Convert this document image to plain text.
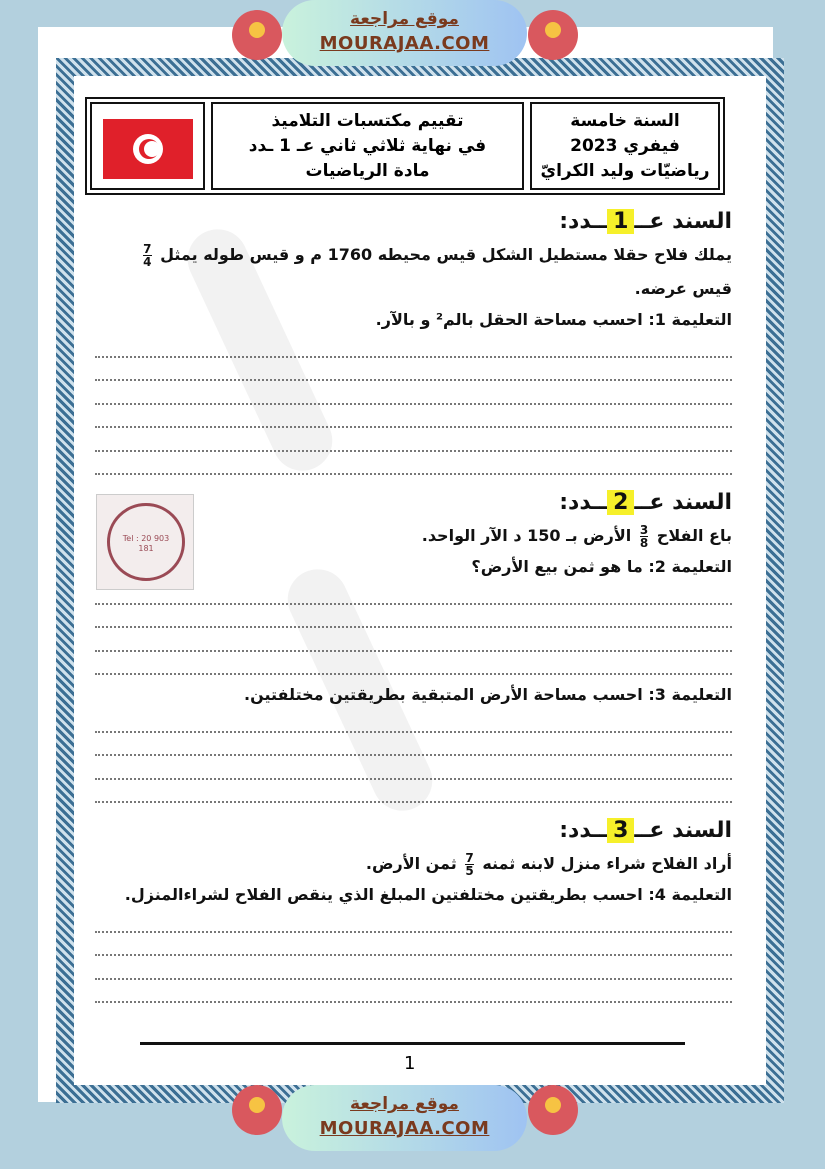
موقع مراجعة
MOURAJAA.COM
تقييم مكتسبات التلاميذ
في نهاية ثلاثي ثاني عـ 1 ـدد
مادة الرياضيات
السنة خامسة
فيفري 2023
رياضيّات وليد الكرايّ
Tel : 20 903 181
السند عــ1ــدد:
يملك فلاح حقلا مستطيل الشكل قيس محيطه 1760 م و قيس طوله يمثل
$\frac{7}{4}$
قيس عرضه.
التعليمة 1: احسب مساحة الحقل بالم² و بالآر.
السند عــ2ــدد:
باع الفلاح
$\frac{3}{8}$
الأرض بـ 150 د الآر الواحد.
التعليمة 2: ما هو ثمن بيع الأرض؟
التعليمة 3: احسب مساحة الأرض المتبقية بطريقتين مختلفتين.
السند عــ3ــدد:
أراد الفلاح شراء منزل لابنه ثمنه
$\frac{7}{5}$
ثمن الأرض.
التعليمة 4: احسب بطريقتين مختلفتين المبلغ الذي ينقص الفلاح لشراءالمنزل.
1
موقع مراجعة
MOURAJAA.COM
